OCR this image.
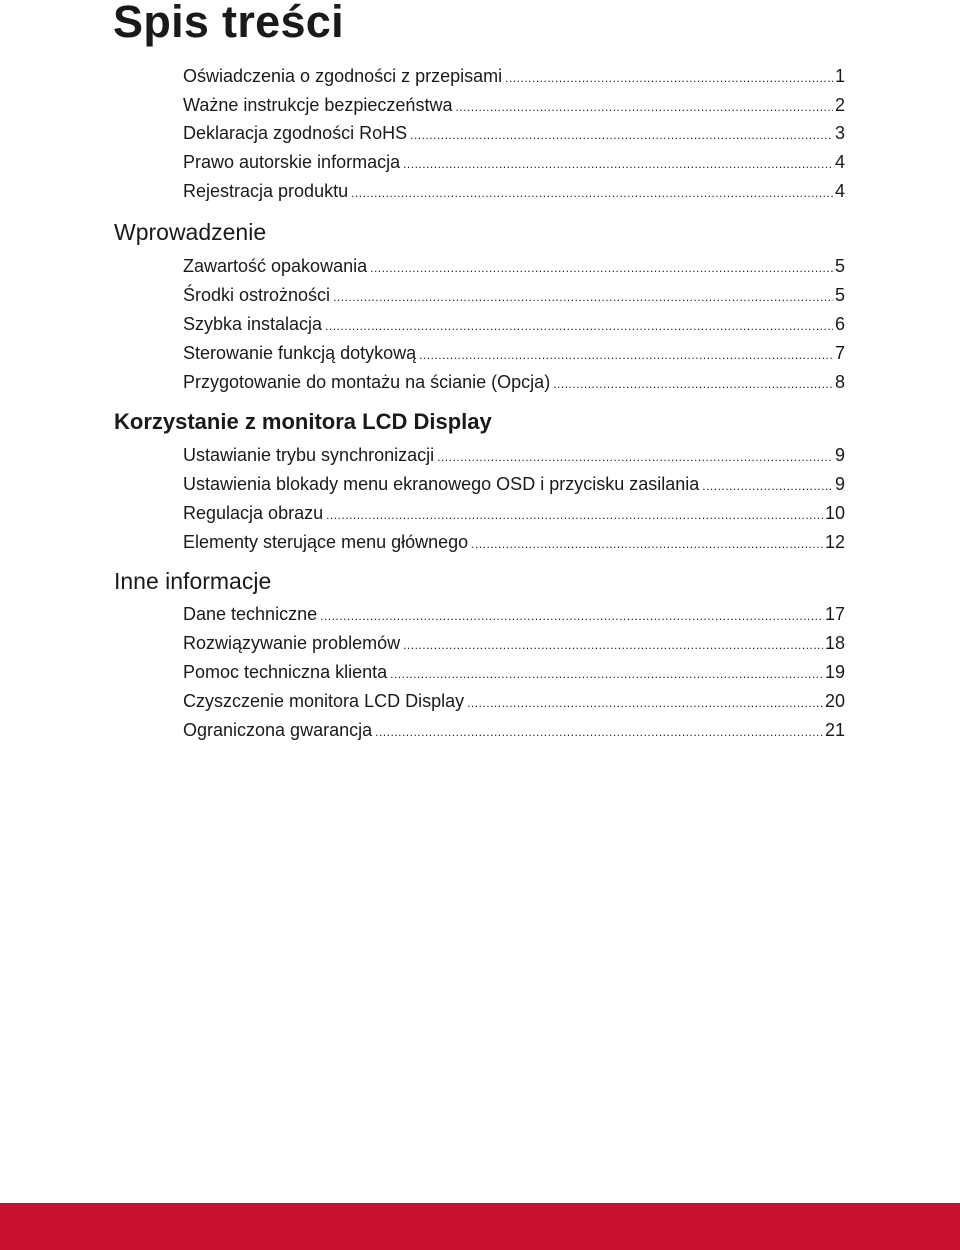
Spis treści
Oświadczenia o zgodności z przepisami .....	1
Ważne instrukcje bezpieczeństwa .....	2
Deklaracja zgodności RoHS .....	3
Prawo autorskie informacja .....	4
Rejestracja produktu .....	4
Wprowadzenie
Zawartość opakowania .....	5
Środki ostrożności .....	5
Szybka instalacja .....	6
Sterowanie funkcją dotykową .....	7
Przygotowanie do montażu na ścianie (Opcja) .....	8
Korzystanie z monitora LCD Display
Ustawianie trybu synchronizacji .....	9
Ustawienia blokady menu ekranowego OSD i przycisku zasilania .....	9
Regulacja obrazu .....	10
Elementy sterujące menu głównego .....	12
Inne informacje
Dane techniczne .....	17
Rozwiązywanie problemów .....	18
Pomoc techniczna klienta .....	19
Czyszczenie monitora LCD Display .....	20
Ograniczona gwarancja .....	21
